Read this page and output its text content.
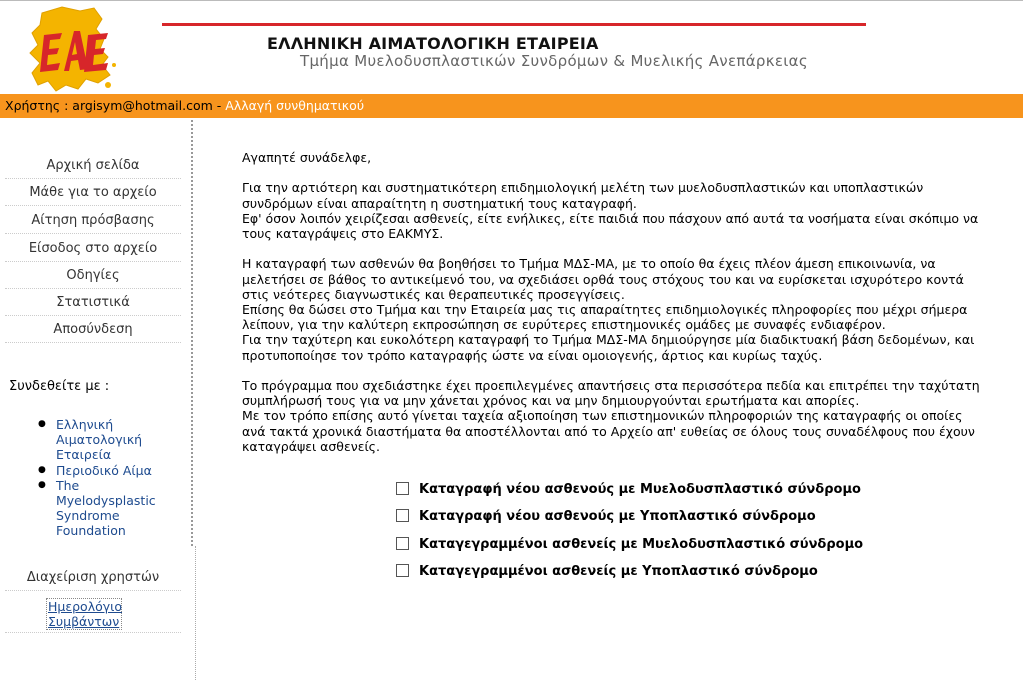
ΕΛΛΗΝΙΚΗ ΑΙΜΑΤΟΛΟΓΙΚΗ ΕΤΑΙΡΕΙΑ
Τμήμα Μυελοδυσπλαστικών Συνδρόμων & Μυελικής Ανεπάρκειας
Χρήστης : argisym@hotmail.com - Αλλαγή συνθηματικού
Αρχική σελίδα
Μάθε για το αρχείο
Αίτηση πρόσβασης
Είσοδος στο αρχείο
Οδηγίες
Στατιστικά
Αποσύνδεση
Συνδεθείτε με :
● Ελληνική Αιματολογική Εταιρεία
● Περιοδικό Αίμα
● The Myelodysplastic Syndrome Foundation
Διαχείριση χρηστών
Ημερολόγιο Συμβάντων

Αγαπητέ συνάδελφε,

Για την αρτιότερη και συστηματικότερη επιδημιολογική μελέτη των μυελοδυσπλαστικών και υποπλαστικών συνδρόμων είναι απαραίτητη η συστηματική τους καταγραφή.

Εφ' όσον λοιπόν χειρίζεσαι ασθενείς, είτε ενήλικες, είτε παιδιά που πάσχουν από αυτά τα νοσήματα είναι σκόπιμο να τους καταγράψεις στο ΕΑΚΜΥΣ.

Η καταγραφή των ασθενών θα βοηθήσει το Τμήμα ΜΔΣ-ΜΑ, με το οποίο θα έχεις πλέον άμεση επικοινωνία, να μελετήσει σε βάθος το αντικείμενό του, να σχεδιάσει ορθά τους στόχους του και να ευρίσκεται ισχυρότερο κοντά στις νεότερες διαγνωστικές και θεραπευτικές προσεγγίσεις.

Επίσης θα δώσει στο Τμήμα και την Εταιρεία μας τις απαραίτητες επιδημιολογικές πληροφορίες που μέχρι σήμερα λείπουν, για την καλύτερη εκπροσώπηση σε ευρύτερες επιστημονικές ομάδες με συναφές ενδιαφέρον.

Για την ταχύτερη και ευκολότερη καταγραφή το Τμήμα ΜΔΣ-ΜΑ δημιούργησε μία διαδικτυακή βάση δεδομένων, και προτυποποίησε τον τρόπο καταγραφής ώστε να είναι ομοιογενής, άρτιος και κυρίως ταχύς.

Το πρόγραμμα που σχεδιάστηκε έχει προεπιλεγμένες απαντήσεις στα περισσότερα πεδία και επιτρέπει την ταχύτατη συμπλήρωσή τους για να μην χάνεται χρόνος και να μην δημιουργούνται ερωτήματα και απορίες.

Με τον τρόπο επίσης αυτό γίνεται ταχεία αξιοποίηση των επιστημονικών πληροφοριών της καταγραφής οι οποίες ανά τακτά χρονικά διαστήματα θα αποστέλλονται από το Αρχείο απ' ευθείας σε όλους τους συναδέλφους που έχουν καταγράψει ασθενείς.

Καταγραφή νέου ασθενούς με Μυελοδυσπλαστικό σύνδρομο
Καταγραφή νέου ασθενούς με Υποπλαστικό σύνδρομο
Καταγεγραμμένοι ασθενείς με Μυελοδυσπλαστικό σύνδρομο
Καταγεγραμμένοι ασθενείς με Υποπλαστικό σύνδρομο
